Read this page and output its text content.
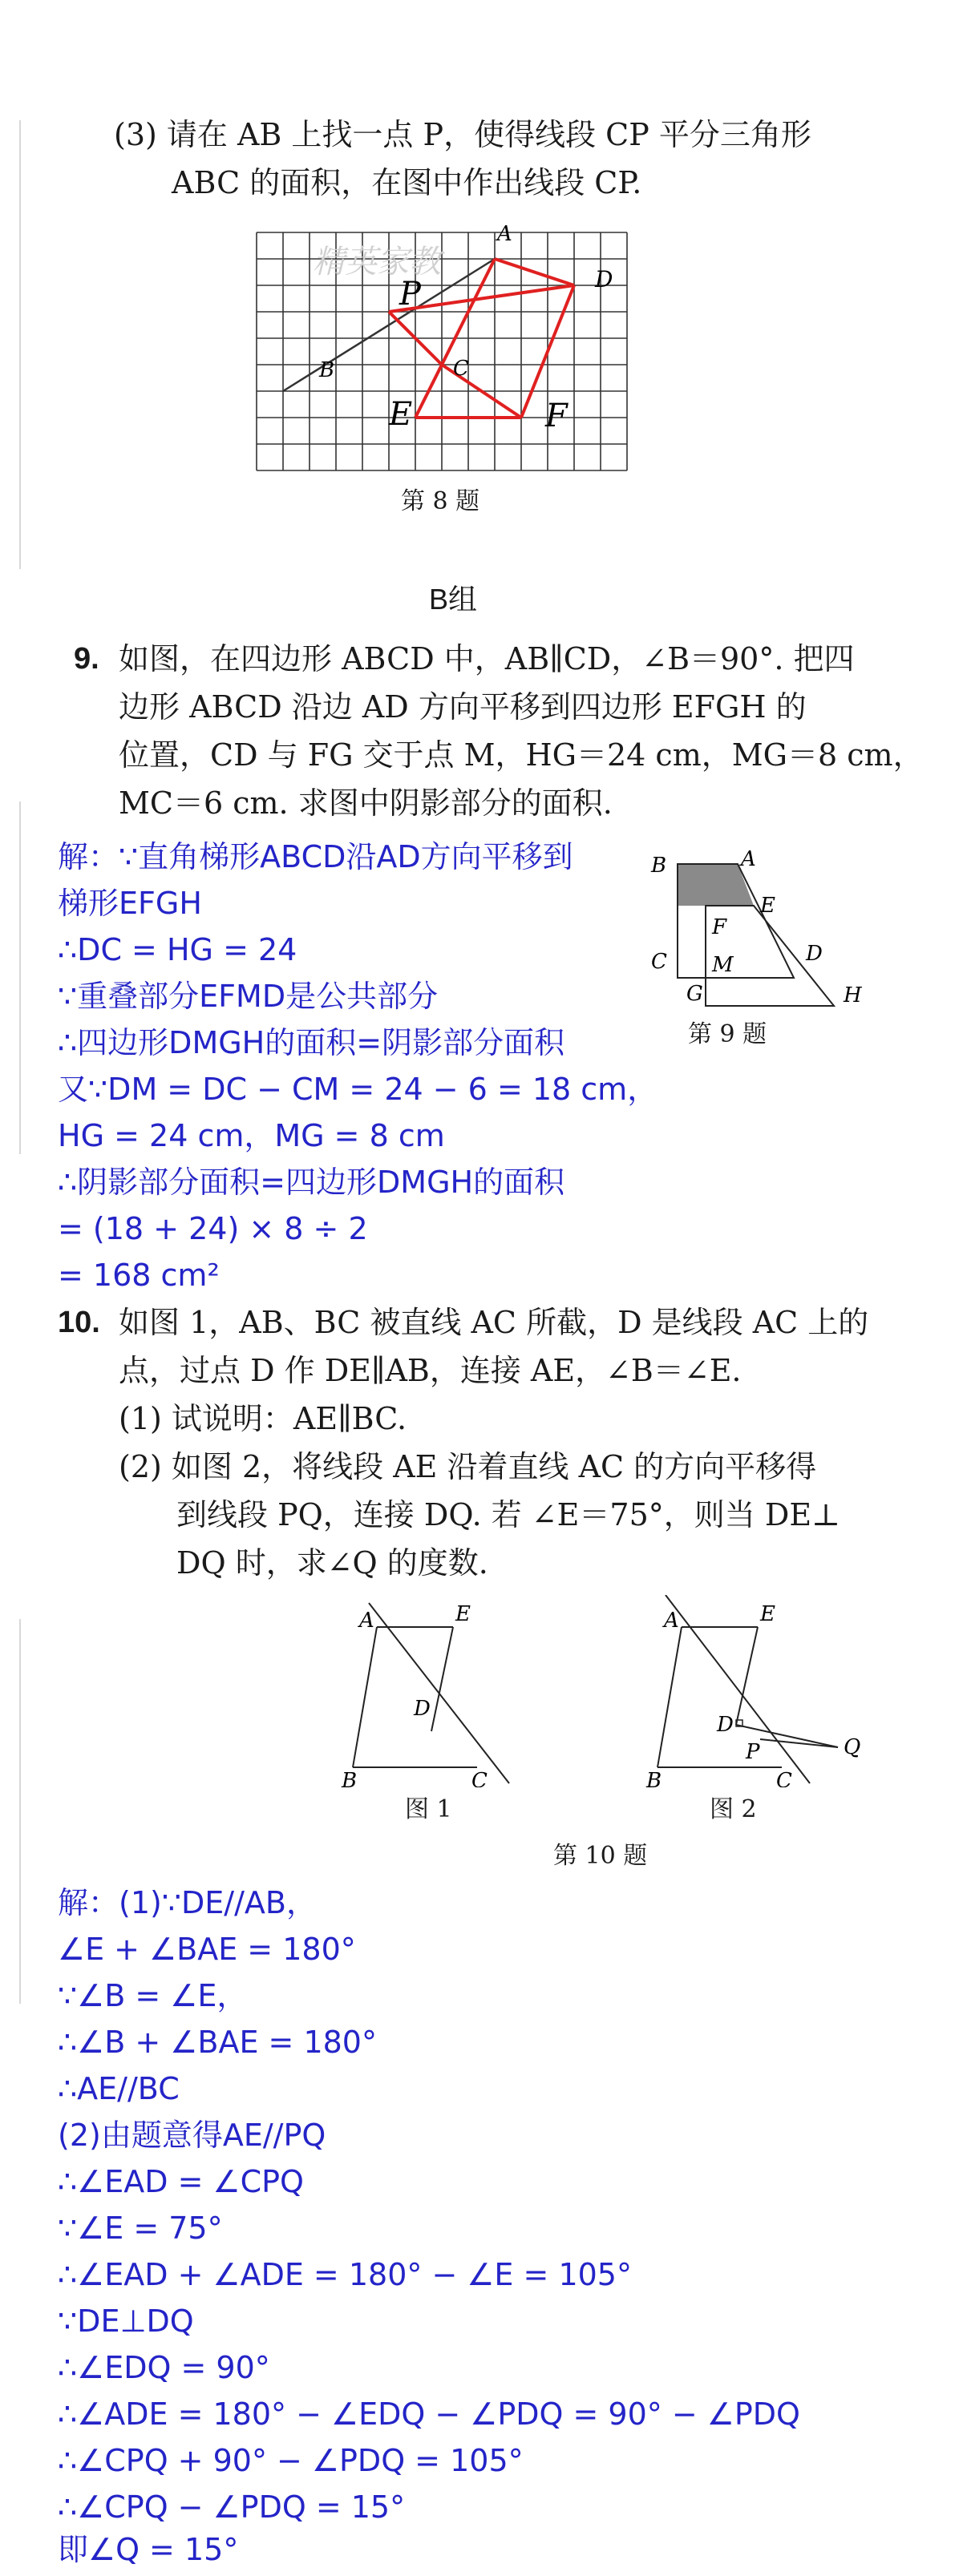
(3) 请在 AB 上找一点 P，使得线段 CP 平分三角形
ABC 的面积，在图中作出线段 CP.
精英家教
A
B	C
D
E	F
P
第 8 题
B组
9. 如图，在四边形 ABCD 中，AB∥CD，∠B＝90°. 把四
边形 ABCD 沿边 AD 方向平移到四边形 EFGH 的
位置，CD 与 FG 交于点 M，HG＝24 cm，MG＝8 cm，
MC＝6 cm. 求图中阴影部分的面积.
解：∵直角梯形ABCD沿AD方向平移到
梯形EFGH
∴DC = HG = 24
∵重叠部分EFMD是公共部分
∴四边形DMGH的面积=阴影部分面积
又∵DM = DC − CM = 24 − 6 = 18 cm，
HG = 24 cm，MG = 8 cm
∴阴影部分面积=四边形DMGH的面积
= (18 + 24) × 8 ÷ 2
= 168 cm²
B	A
E
F
D
C M
G	H
第 9 题
10. 如图 1，AB、BC 被直线 AC 所截，D 是线段 AC 上的
点，过点 D 作 DE∥AB，连接 AE，∠B＝∠E.
(1) 试说明：AE∥BC.
(2) 如图 2，将线段 AE 沿着直线 AC 的方向平移得
到线段 PQ，连接 DQ. 若 ∠E＝75°，则当 DE⊥
DQ 时，求∠Q 的度数.
A	E
D
B	C
图 1
A	E
D
P	Q
B	C
图 2
第 10 题
解：(1)∵DE//AB，
∠E + ∠BAE = 180°
∵∠B = ∠E，
∴∠B + ∠BAE = 180°
∴AE//BC
(2)由题意得AE//PQ
∴∠EAD = ∠CPQ
∵∠E = 75°
∴∠EAD + ∠ADE = 180° − ∠E = 105°
∵DE⊥DQ
∴∠EDQ = 90°
∴∠ADE = 180° − ∠EDQ − ∠PDQ = 90° − ∠PDQ
∴∠CPQ + 90° − ∠PDQ = 105°
∴∠CPQ − ∠PDQ = 15°
即∠Q = 15°
